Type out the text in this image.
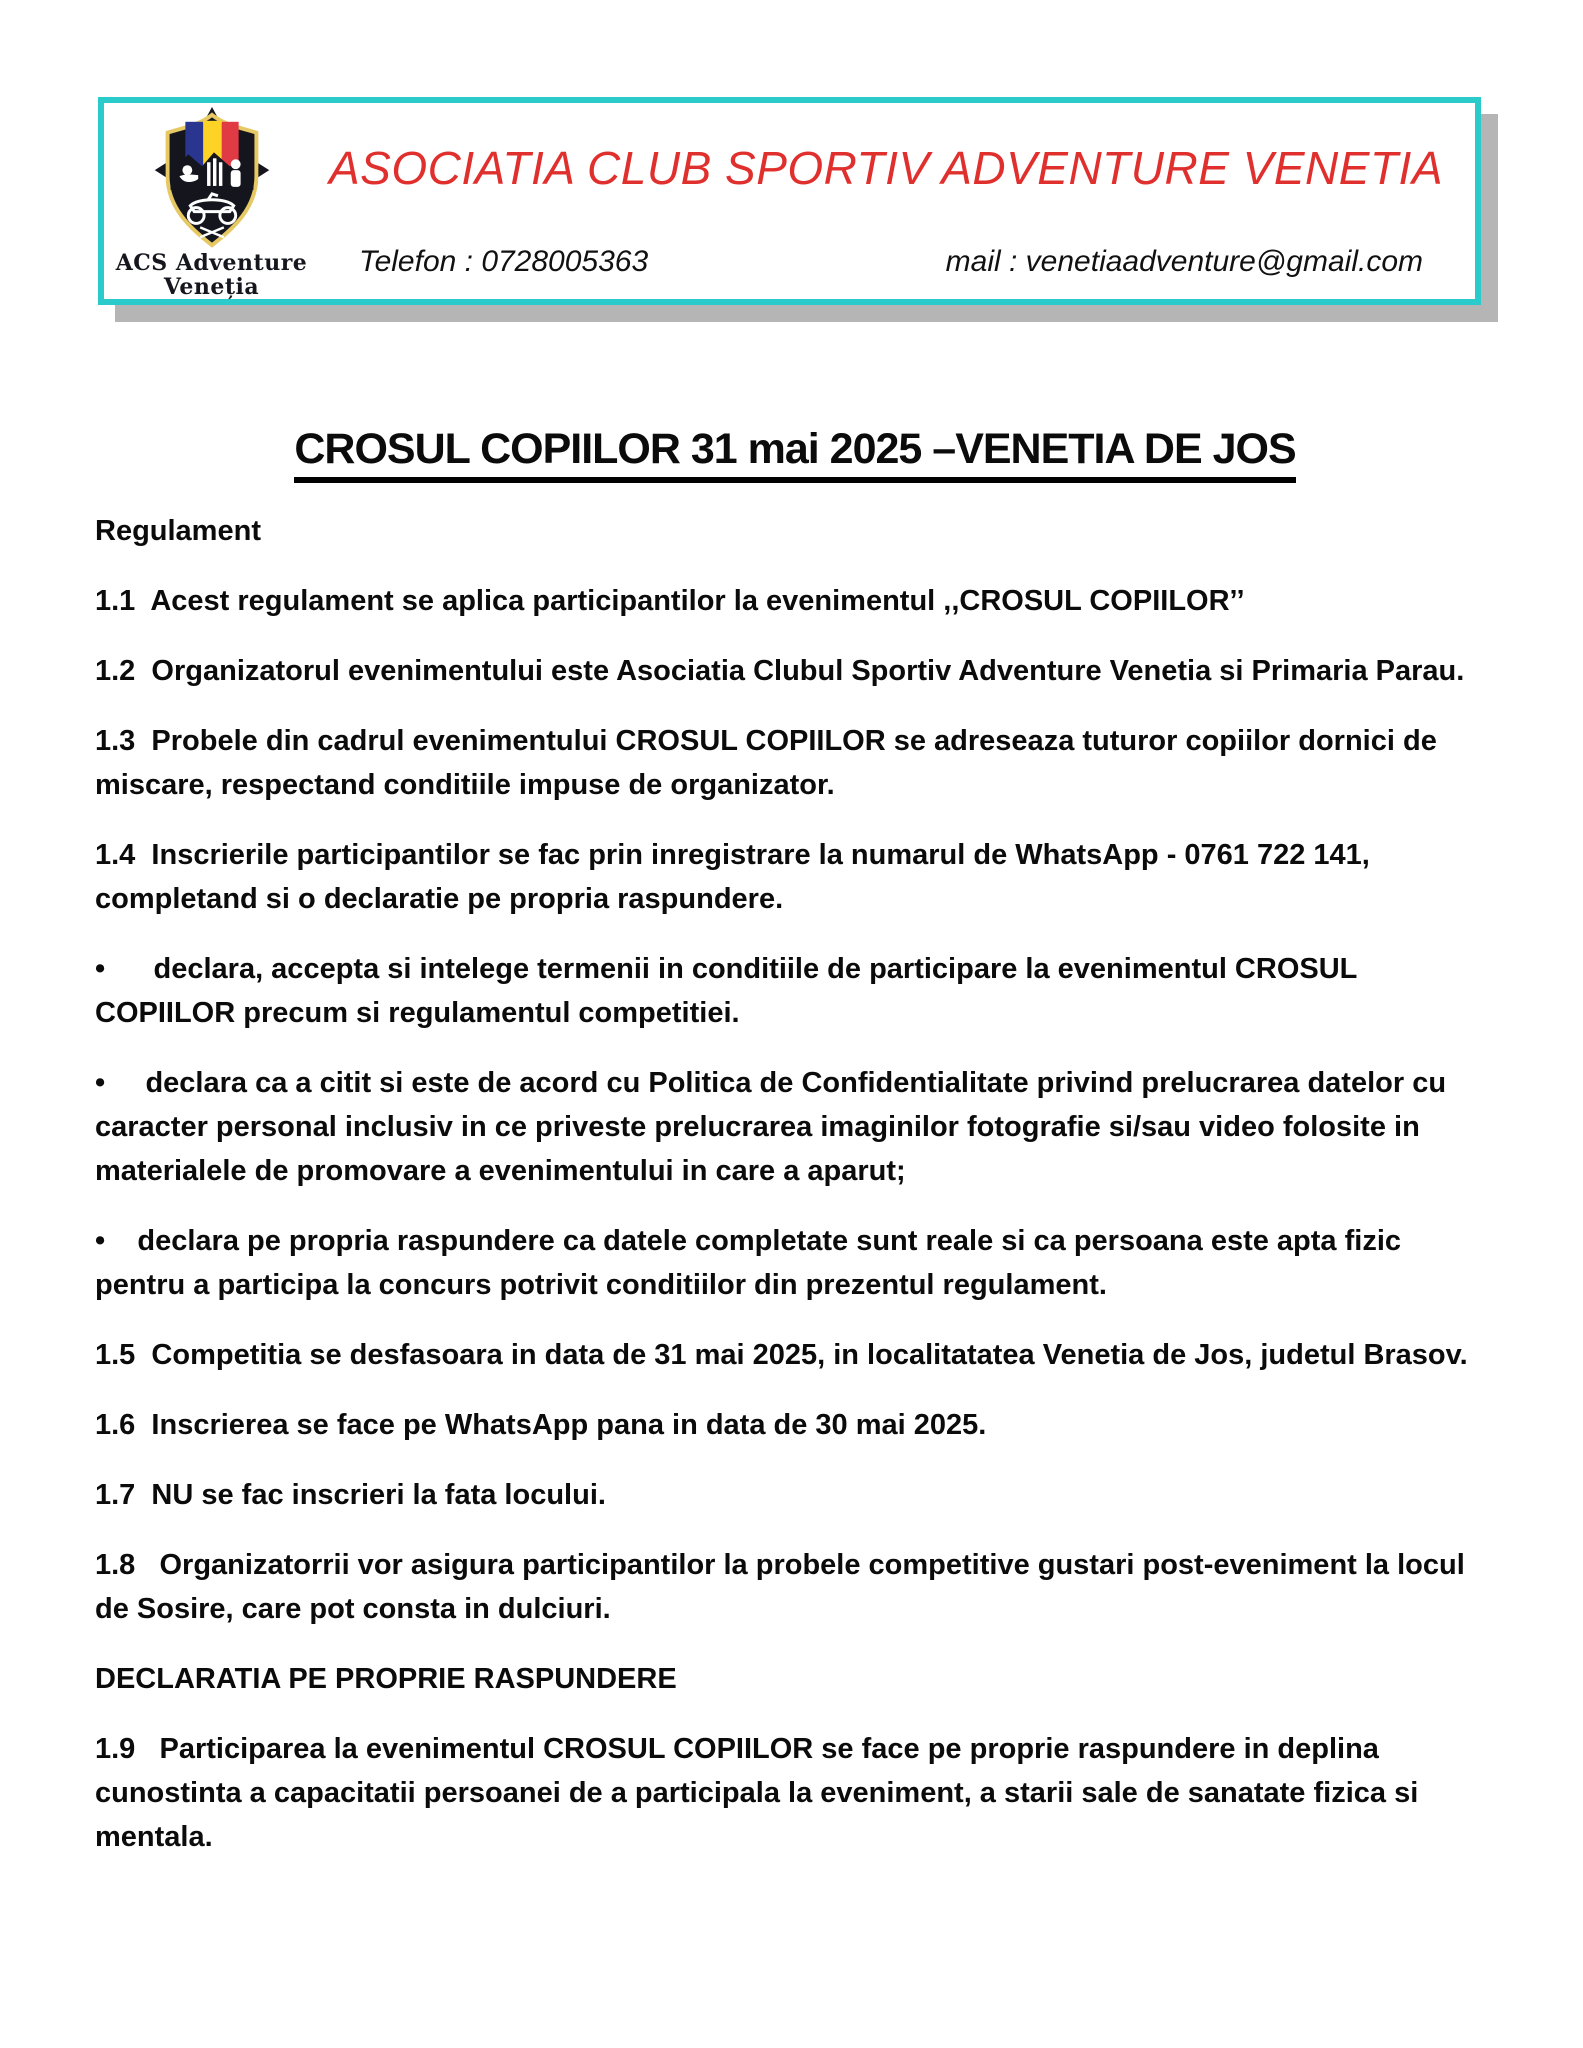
ACS Adventure
Veneția
ASOCIATIA CLUB SPORTIV ADVENTURE VENETIA
Telefon : 0728005363	mail : venetiaadventure@gmail.com
CROSUL COPIILOR 31 mai 2025 –VENETIA DE JOS

Regulament

1.1  Acest regulament se aplica participantilor la evenimentul ,,CROSUL COPIILOR’’

1.2  Organizatorul evenimentului este Asociatia Clubul Sportiv Adventure Venetia si Primaria Parau.

1.3  Probele din cadrul evenimentului CROSUL COPIILOR se adreseaza tuturor copiilor dornici de miscare, respectand conditiile impuse de organizator.

1.4  Inscrierile participantilor se fac prin inregistrare la numarul de WhatsApp - 0761 722 141, completand si o declaratie pe propria raspundere.

•      declara, accepta si intelege termenii in conditiile de participare la evenimentul CROSUL COPIILOR precum si regulamentul competitiei.

•     declara ca a citit si este de acord cu Politica de Confidentialitate privind prelucrarea datelor cu caracter personal inclusiv in ce priveste prelucrarea imaginilor fotografie si/sau video folosite in materialele de promovare a evenimentului in care a aparut;

•    declara pe propria raspundere ca datele completate sunt reale si ca persoana este apta fizic pentru a participa la concurs potrivit conditiilor din prezentul regulament.

1.5  Competitia se desfasoara in data de 31 mai 2025, in localitatatea Venetia de Jos, judetul Brasov.

1.6  Inscrierea se face pe WhatsApp pana in data de 30 mai 2025.

1.7  NU se fac inscrieri la fata locului.

1.8   Organizatorrii vor asigura participantilor la probele competitive gustari post-eveniment la locul de Sosire, care pot consta in dulciuri.

DECLARATIA PE PROPRIE RASPUNDERE

1.9   Participarea la evenimentul CROSUL COPIILOR se face pe proprie raspundere in deplina cunostinta a capacitatii persoanei de a participala la eveniment, a starii sale de sanatate fizica si mentala.
